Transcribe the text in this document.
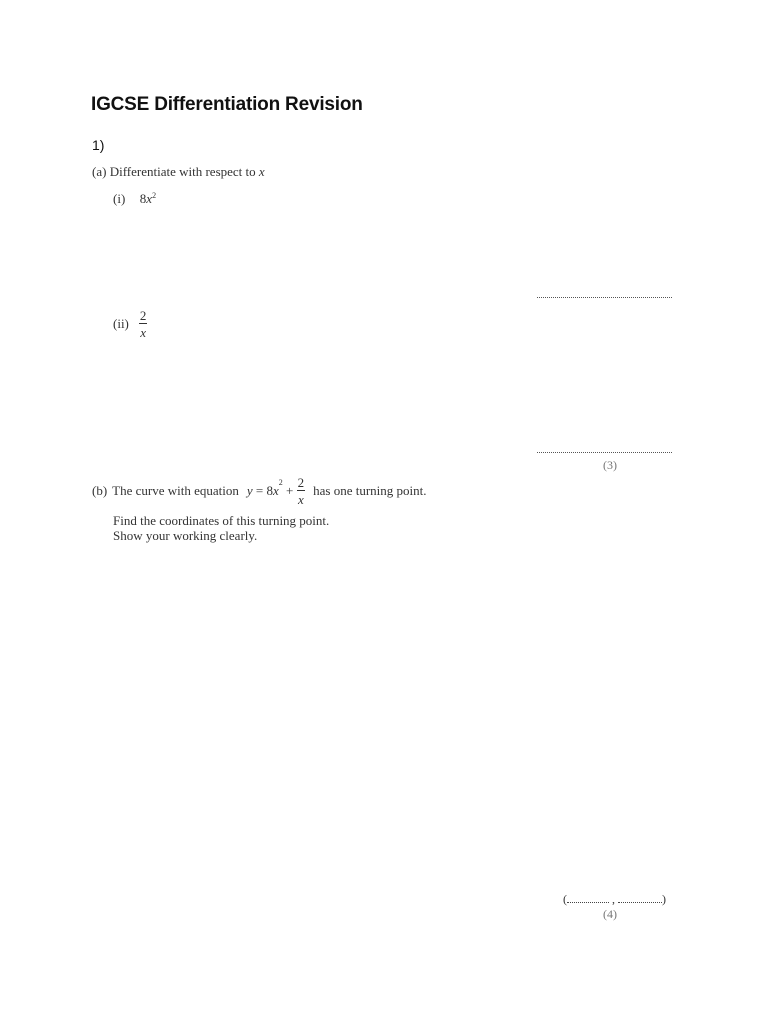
IGCSE Differentiation Revision
1)
(a) Differentiate with respect to x
(i) $8x^2$
$(ii) \frac{2}{x}$
(3)
(b) The curve with equation y = 8 x
$^2$
+ $\frac{2}{x}$ has one turning point.
Find the coordinates of this turning point.
Show your working clearly.
(	,	)
(4)
